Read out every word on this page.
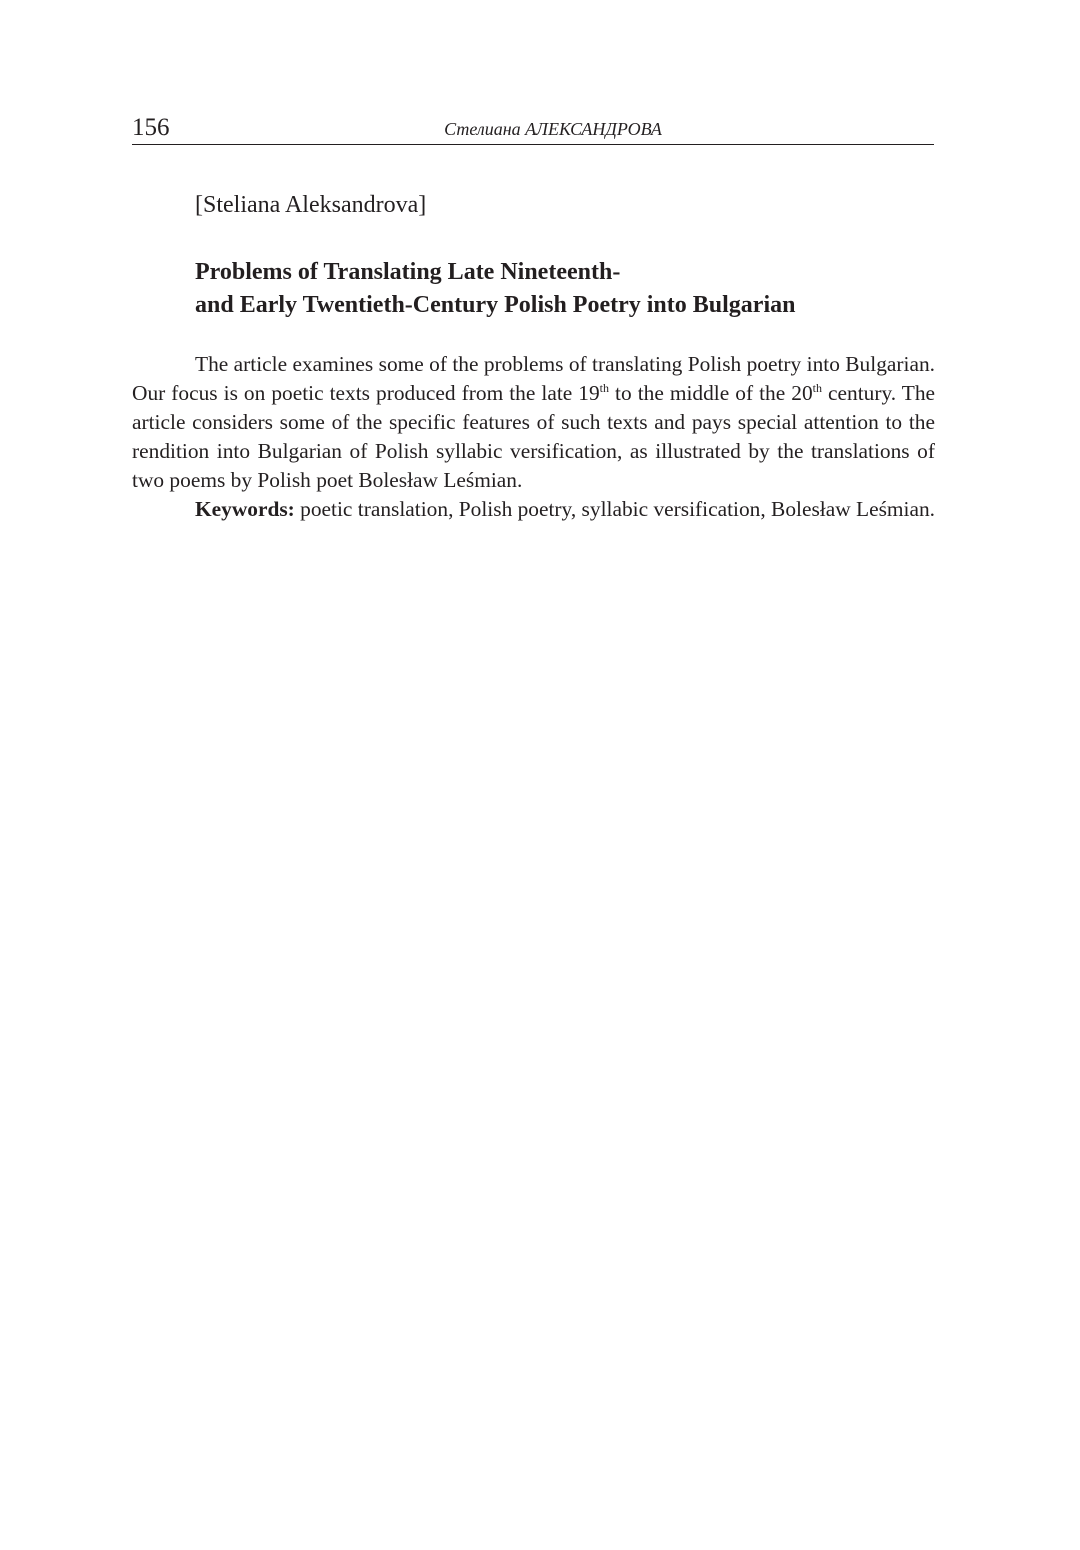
156	Стелиана АЛЕКСАНДРОВА
[Steliana Aleksandrova]
Problems of Translating Late Nineteenth-
and Early Twentieth-Century Polish Poetry into Bulgarian

The article examines some of the problems of translating Polish poetry into Bulgarian. Our focus is on poetic texts produced from the late 19th to the middle of the 20th century. The article considers some of the specific features of such texts and pays special attention to the rendition into Bulgarian of Polish syllabic versification, as illustrated by the translations of two poems by Polish poet Bolesław Leśmian.

Keywords: poetic translation, Polish poetry, syllabic versification, Bolesław Leśmian.
